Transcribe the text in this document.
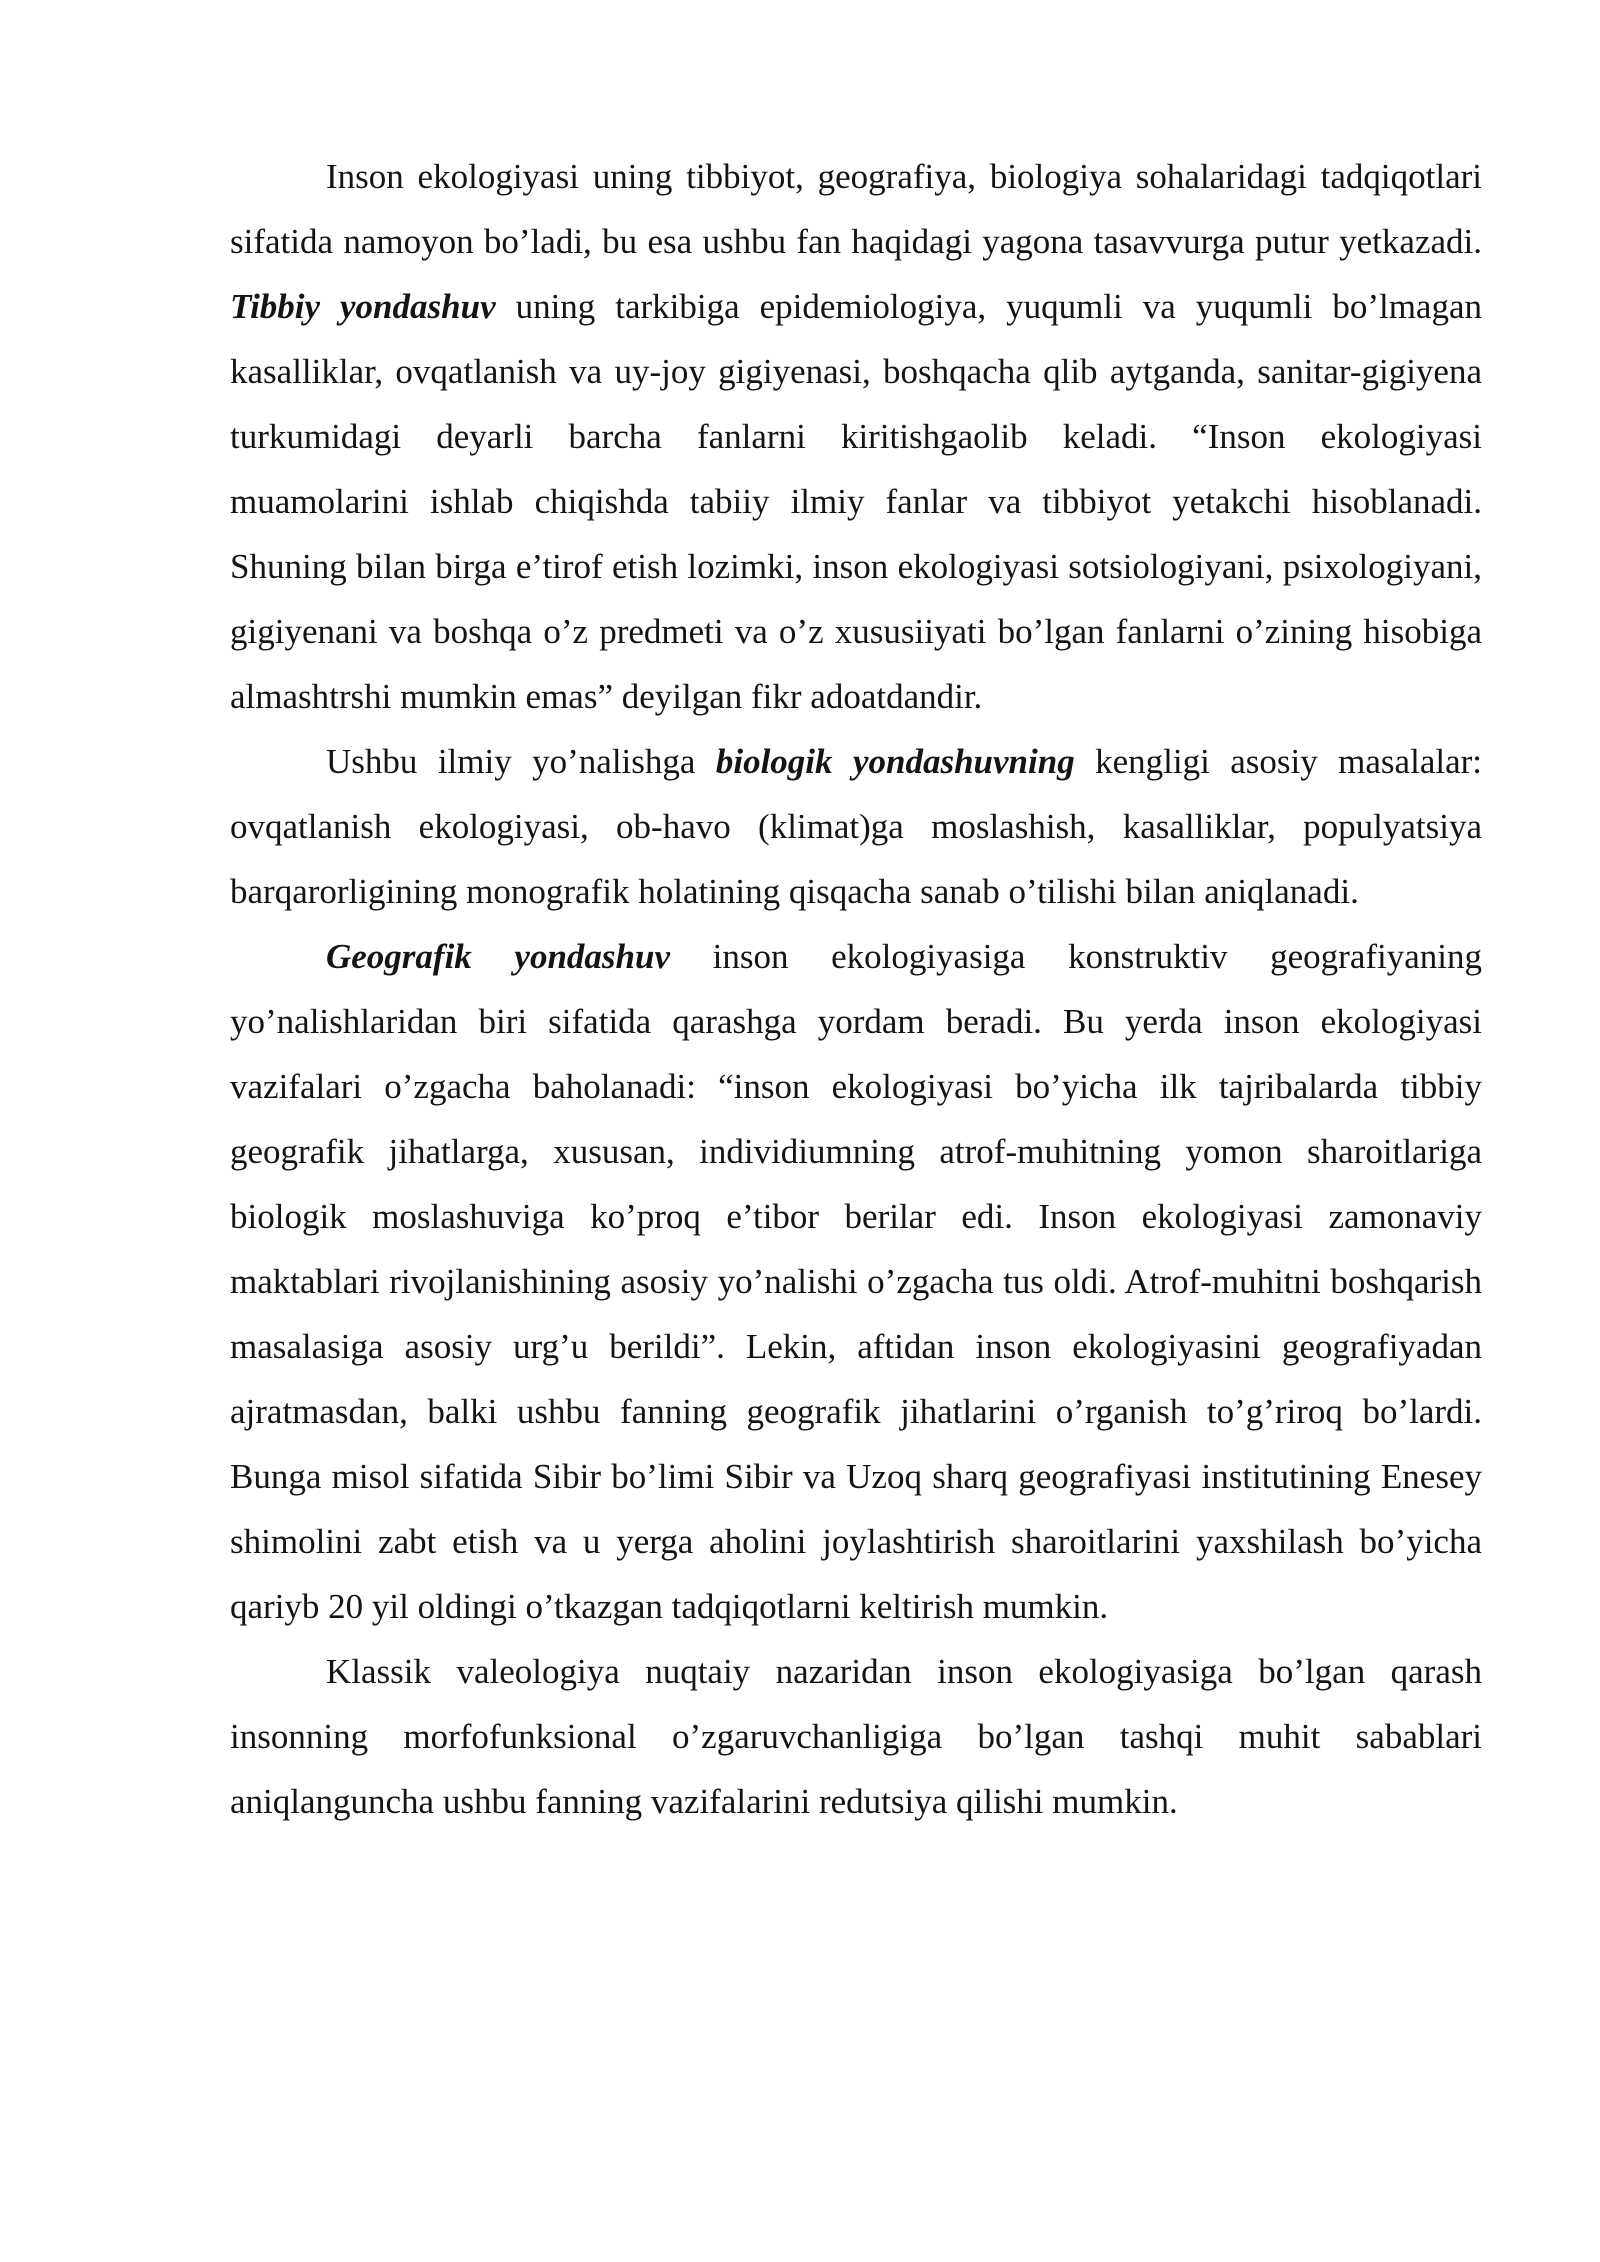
Inson ekologiyasi uning tibbiyot, geografiya, biologiya sohalaridagi tadqiqotlari sifatida namoyon bo’ladi, bu esa ushbu fan haqidagi yagona tasavvurga putur yetkazadi. Tibbiy yondashuv uning tarkibiga epidemiologiya, yuqumli va yuqumli bo’lmagan kasalliklar, ovqatlanish va uy-joy gigiyenasi, boshqacha qlib aytganda, sanitar-gigiyena turkumidagi deyarli barcha fanlarni kiritishgaolib keladi. “Inson ekologiyasi muamolarini ishlab chiqishda tabiiy ilmiy fanlar va tibbiyot yetakchi hisoblanadi. Shuning bilan birga e’tirof etish lozimki, inson ekologiyasi sotsiologiyani, psixologiyani, gigiyenani va boshqa o’z predmeti va o’z xususiiyati bo’lgan fanlarni o’zining hisobiga almashtrshi mumkin emas” deyilgan fikr adoatdandir.

Ushbu ilmiy yo’nalishga biologik yondashuvning kengligi asosiy masalalar: ovqatlanish ekologiyasi, ob-havo (klimat)ga moslashish, kasalliklar, populyatsiya barqarorligining monografik holatining qisqacha sanab o’tilishi bilan aniqlanadi.

Geografik yondashuv inson ekologiyasiga konstruktiv geografiyaning yo’nalishlaridan biri sifatida qarashga yordam beradi. Bu yerda inson ekologiyasi vazifalari o’zgacha baholanadi: “inson ekologiyasi bo’yicha ilk tajribalarda tibbiy geografik jihatlarga, xususan, individiumning atrof-muhitning yomon sharoitlariga biologik moslashuviga ko’proq e’tibor berilar edi. Inson ekologiyasi zamonaviy maktablari rivojlanishining asosiy yo’nalishi o’zgacha tus oldi. Atrof-muhitni boshqarish masalasiga asosiy urg’u berildi”. Lekin, aftidan inson ekologiyasini geografiyadan ajratmasdan, balki ushbu fanning geografik jihatlarini o’rganish to’g’riroq bo’lardi. Bunga misol sifatida Sibir bo’limi Sibir va Uzoq sharq geografiyasi institutining Enesey shimolini zabt etish va u yerga aholini joylashtirish sharoitlarini yaxshilash bo’yicha qariyb 20 yil oldingi o’tkazgan tadqiqotlarni keltirish mumkin.

Klassik valeologiya nuqtaiy nazaridan inson ekologiyasiga bo’lgan qarash insonning morfofunksional o’zgaruvchanligiga bo’lgan tashqi muhit sabablari aniqlanguncha ushbu fanning vazifalarini redutsiya qilishi mumkin.
